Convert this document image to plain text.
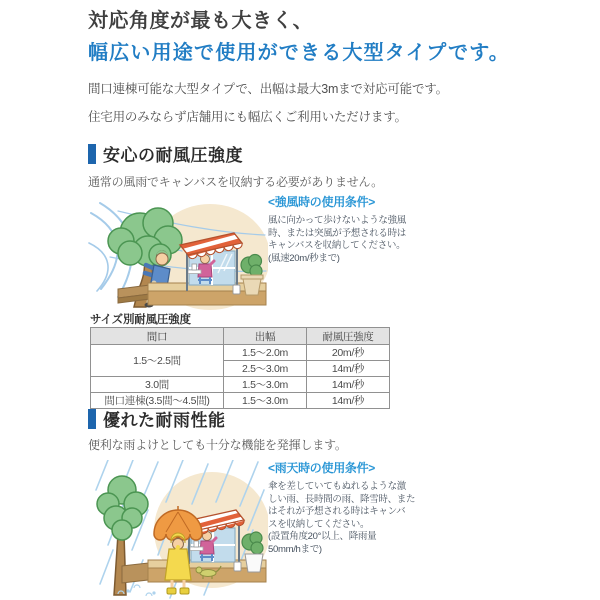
対応角度が最も大きく、
幅広い用途で使用ができる大型タイプです。
間口連棟可能な大型タイプで、出幅は最大3mまで対応可能です。
住宅用のみならず店舗用にも幅広くご利用いただけます。
安心の耐風圧強度
通常の風雨でキャンバスを収納する必要がありません。
<強風時の使用条件>
風に向かって歩けないような強風
時、または突風が予想される時は
キャンバスを収納してください。
(風速20m/秒まで)
サイズ別耐風圧強度
間口	出幅	耐風圧強度
1.5〜2.5間	1.5〜2.0m	20m/秒
	2.5〜3.0m	14m/秒
3.0間	1.5〜3.0m	14m/秒
間口連棟(3.5間〜4.5間)	1.5〜3.0m	14m/秒
優れた耐雨性能
便利な雨よけとしても十分な機能を発揮します。
<雨天時の使用条件>
傘を差していてもぬれるような激
しい雨、長時間の雨、降雪時、また
はそれが予想される時はキャンバ
スを収納してください。
(設置角度20°以上、降雨量
50mm/hまで)
